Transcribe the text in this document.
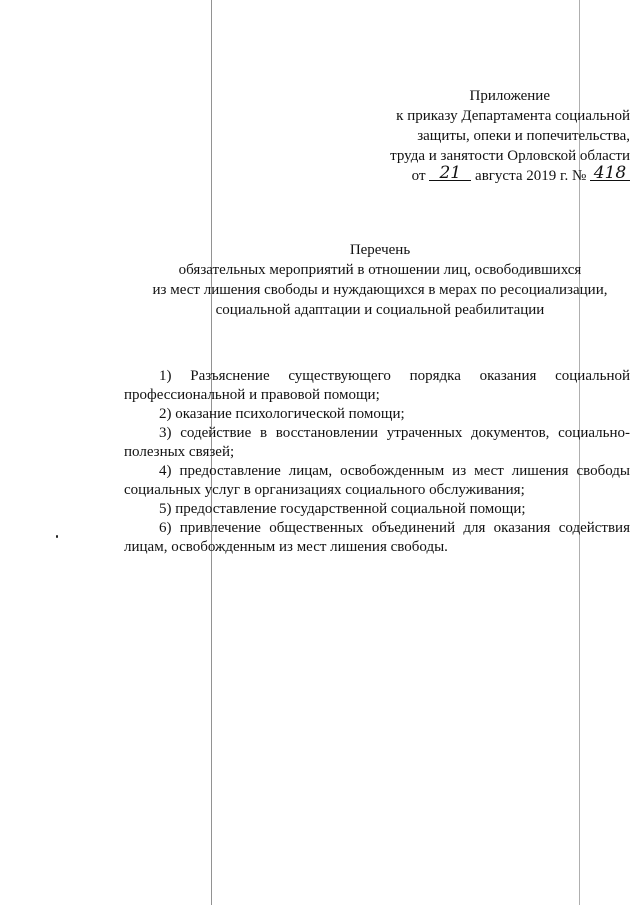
Приложение
к приказу Департамента социальной
защиты, опеки и попечительства,
труда и занятости Орловской области
от 21 августа 2019 г. № 418
Перечень
обязательных мероприятий в отношении лиц, освободившихся
из мест лишения свободы и нуждающихся в мерах по ресоциализации,
социальной адаптации и социальной реабилитации

1) Разъяснение существующего порядка оказания социальной профессиональной и правовой помощи;

2) оказание психологической помощи;

3) содействие в восстановлении утраченных документов, социально-полезных связей;

4) предоставление лицам, освобожденным из мест лишения свободы социальных услуг в организациях социального обслуживания;

5) предоставление государственной социальной помощи;

6) привлечение общественных объединений для оказания содействия лицам, освобожденным из мест лишения свободы.
